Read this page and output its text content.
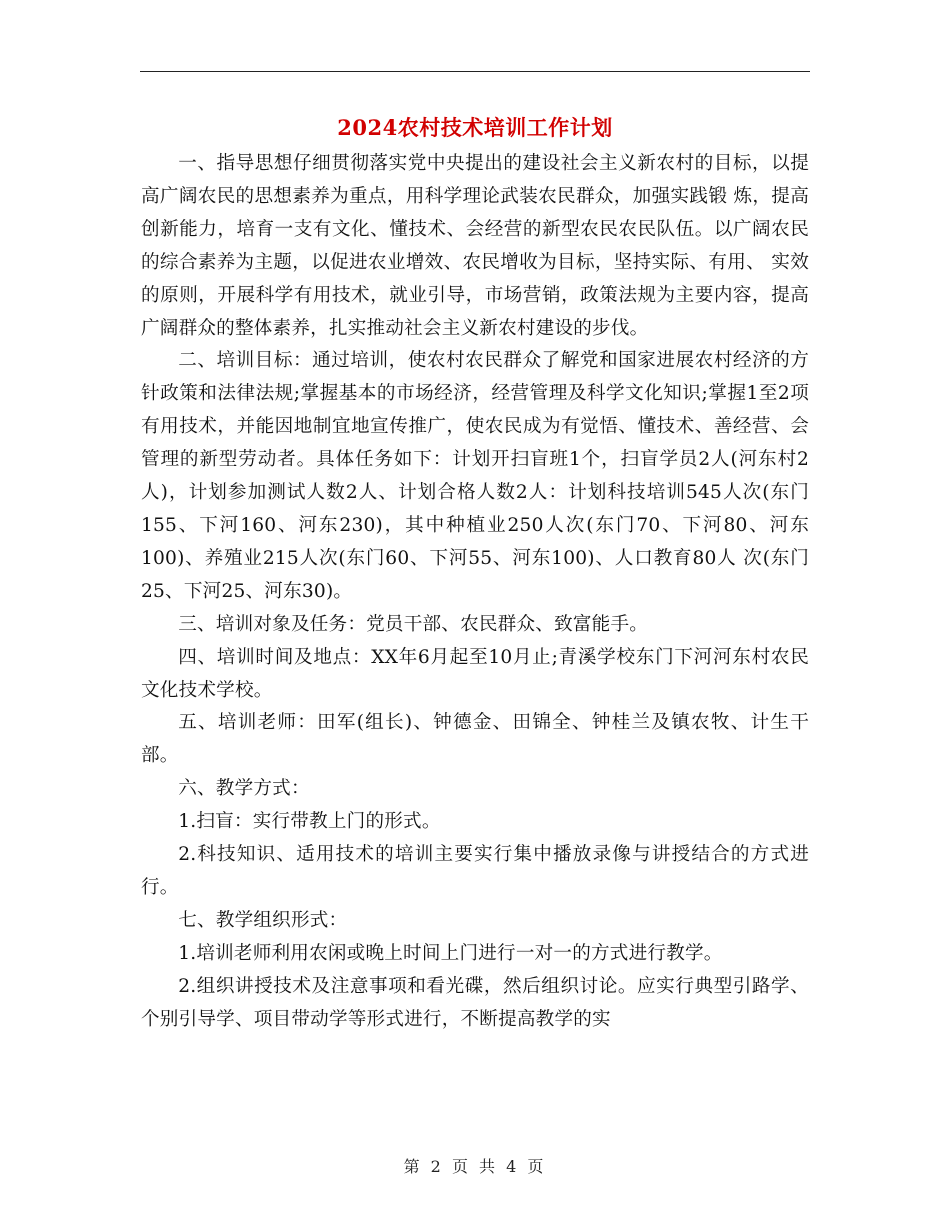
2024农村技术培训工作计划

一、指导思想仔细贯彻落实党中央提出的建设社会主义新农村的目标，以提高广阔农民的思想素养为重点，用科学理论武装农民群众，加强实践锻 炼，提高创新能力，培育一支有文化、懂技术、会经营的新型农民农民队伍。以广阔农民的综合素养为主题，以促进农业增效、农民增收为目标，坚持实际、有用、 实效的原则，开展科学有用技术，就业引导，市场营销，政策法规为主要内容，提高广阔群众的整体素养，扎实推动社会主义新农村建设的步伐。

二、培训目标：通过培训，使农村农民群众了解党和国家进展农村经济的方针政策和法律法规;掌握基本的市场经济，经营管理及科学文化知识;掌握1至2项有用技术，并能因地制宜地宣传推广，使农民成为有觉悟、懂技术、善经营、会管理的新型劳动者。具体任务如下：计划开扫盲班1个，扫盲学员2人(河东村2人)，计划参加测试人数2人、计划合格人数2人：计划科技培训545人次(东门155、下河160、河东230)，其中种植业250人次(东门70、下河80、河东100)、养殖业215人次(东门60、下河55、河东100)、人口教育80人 次(东门25、下河25、河东30)。

三、培训对象及任务：党员干部、农民群众、致富能手。

四、培训时间及地点：XX年6月起至10月止;青溪学校东门下河河东村农民文化技术学校。

五、培训老师：田军(组长)、钟德金、田锦全、钟桂兰及镇农牧、计生干部。

六、教学方式：

1.扫盲：实行带教上门的形式。

2.科技知识、适用技术的培训主要实行集中播放录像与讲授结合的方式进行。

七、教学组织形式：

1.培训老师利用农闲或晚上时间上门进行一对一的方式进行教学。

2.组织讲授技术及注意事项和看光碟，然后组织讨论。应实行典型引路学、个别引导学、项目带动学等形式进行，不断提高教学的实

第 2 页 共 4 页
